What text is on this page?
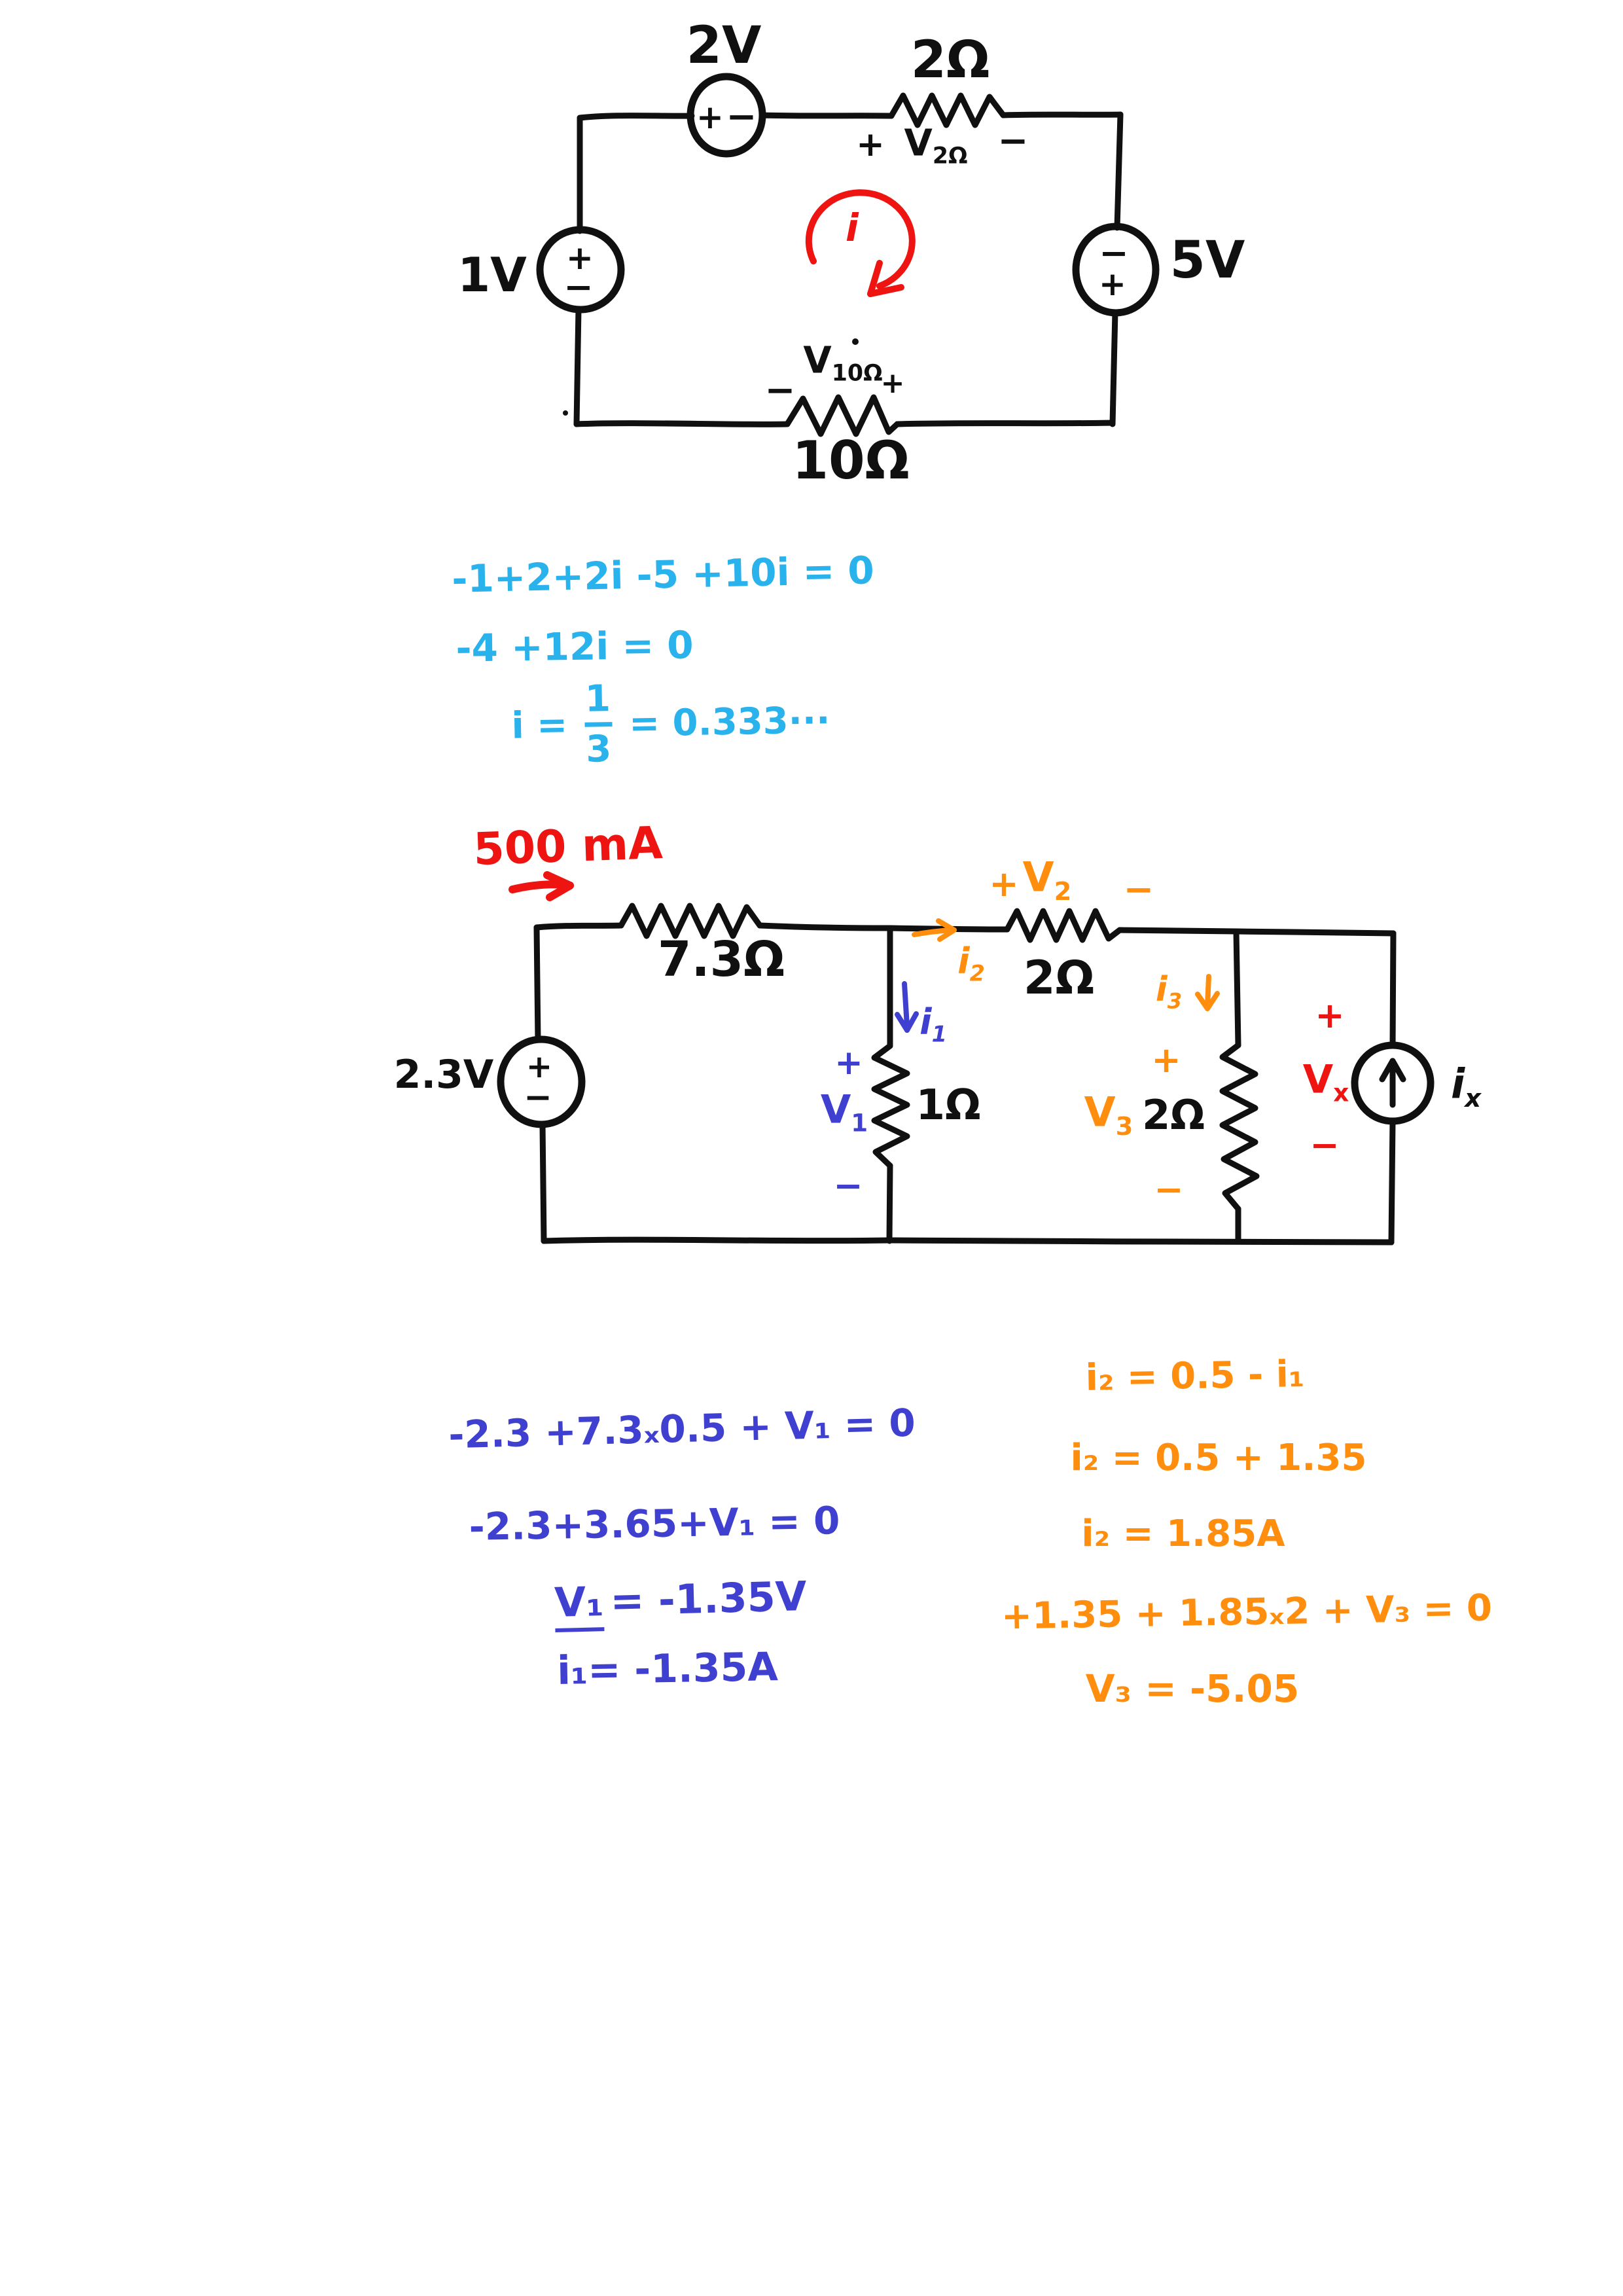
2V
+ −
2Ω
+ $V_{2\Omega}$ −
1V +
−
−
+ 5V
−
$V_{10\Omega}$
+
10Ω
i
-1+2+2i -5 +10i = 0
-4 +12i = 0
i =
1
3
= 0.333···
500 mA
7.3Ω
2.3V +
−
$i_2$
$i_1$
$i_3$
2Ω
+ $V_2$ −
+
$V_1$
−
1Ω
+
$V_3$ 2Ω
−
+
$V_x$
−
$i_x$
-2.3 +7.3ₓ0.5 + V₁ = 0
-2.3+3.65+V₁ = 0
V₁ = -1.35V
i₁= -1.35A
i₂ = 0.5 - i₁
i₂ = 0.5 + 1.35
i₂ = 1.85A
+1.35 + 1.85ₓ2 + V₃ = 0
V₃ = -5.05
